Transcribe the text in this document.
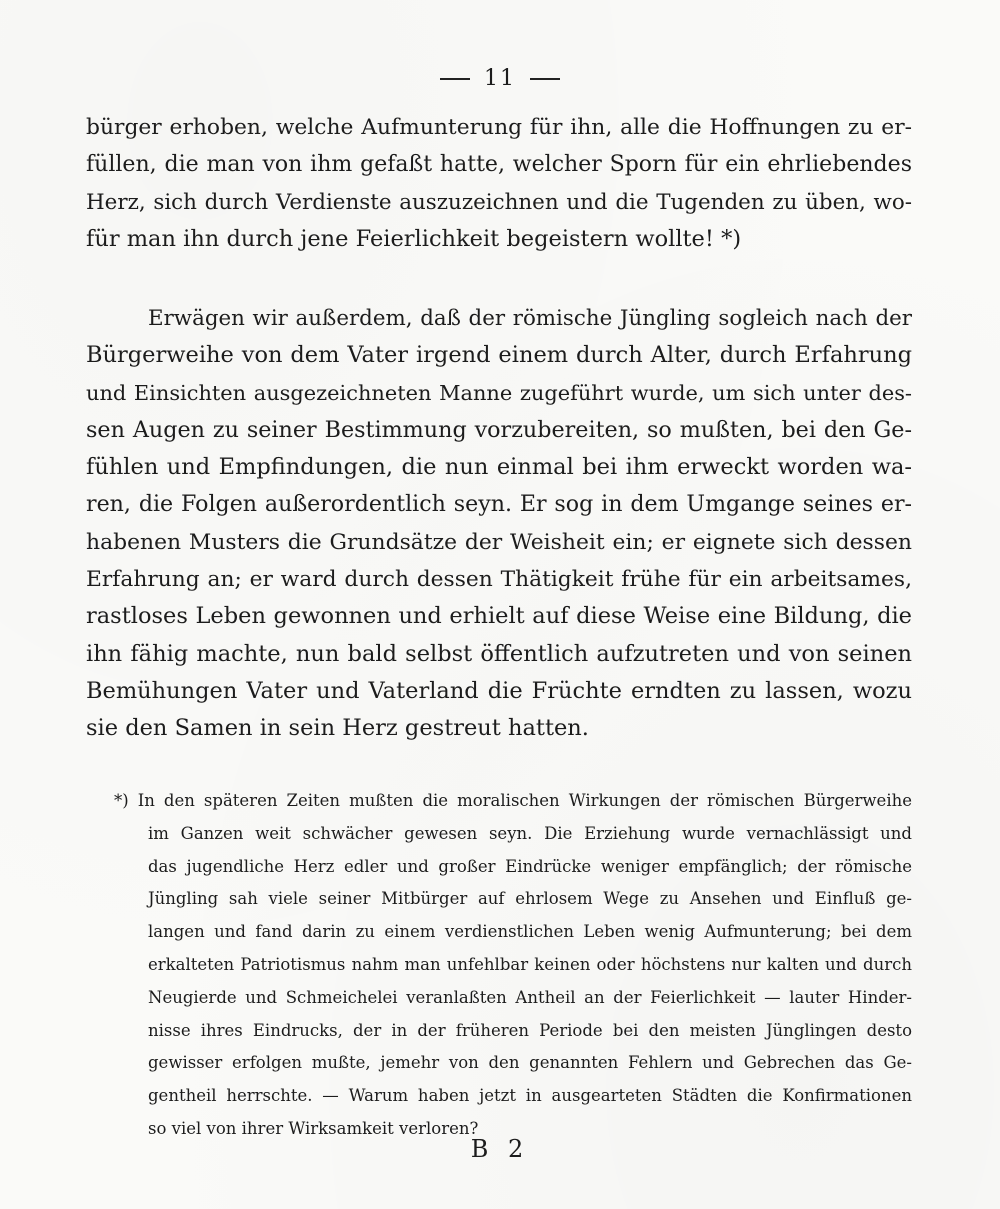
11
bürger erhoben, welche Aufmunterung für ihn, alle die Hoffnungen zu er-
füllen, die man von ihm gefaßt hatte, welcher Sporn für ein ehrliebendes
Herz, sich durch Verdienste auszuzeichnen und die Tugenden zu üben, wo-
für man ihn durch jene Feierlichkeit begeistern wollte! *)
Erwägen wir außerdem, daß der römische Jüngling sogleich nach der
Bürgerweihe von dem Vater irgend einem durch Alter, durch Erfahrung
und Einsichten ausgezeichneten Manne zugeführt wurde, um sich unter des-
sen Augen zu seiner Bestimmung vorzubereiten, so mußten, bei den Ge-
fühlen und Empfindungen, die nun einmal bei ihm erweckt worden wa-
ren, die Folgen außerordentlich seyn. Er sog in dem Umgange seines er-
habenen Musters die Grundsätze der Weisheit ein; er eignete sich dessen
Erfahrung an; er ward durch dessen Thätigkeit frühe für ein arbeitsames,
rastloses Leben gewonnen und erhielt auf diese Weise eine Bildung, die
ihn fähig machte, nun bald selbst öffentlich aufzutreten und von seinen
Bemühungen Vater und Vaterland die Früchte erndten zu lassen, wozu
sie den Samen in sein Herz gestreut hatten.
*) In den späteren Zeiten mußten die moralischen Wirkungen der römischen Bürgerweihe
im Ganzen weit schwächer gewesen seyn. Die Erziehung wurde vernachlässigt und
das jugendliche Herz edler und großer Eindrücke weniger empfänglich; der römische
Jüngling sah viele seiner Mitbürger auf ehrlosem Wege zu Ansehen und Einfluß ge-
langen und fand darin zu einem verdienstlichen Leben wenig Aufmunterung; bei dem
erkalteten Patriotismus nahm man unfehlbar keinen oder höchstens nur kalten und durch
Neugierde und Schmeichelei veranlaßten Antheil an der Feierlichkeit — lauter Hinder-
nisse ihres Eindrucks, der in der früheren Periode bei den meisten Jünglingen desto
gewisser erfolgen mußte, jemehr von den genannten Fehlern und Gebrechen das Ge-
gentheil herrschte. — Warum haben jetzt in ausgearteten Städten die Konfirmationen
so viel von ihrer Wirksamkeit verloren?
B 2
